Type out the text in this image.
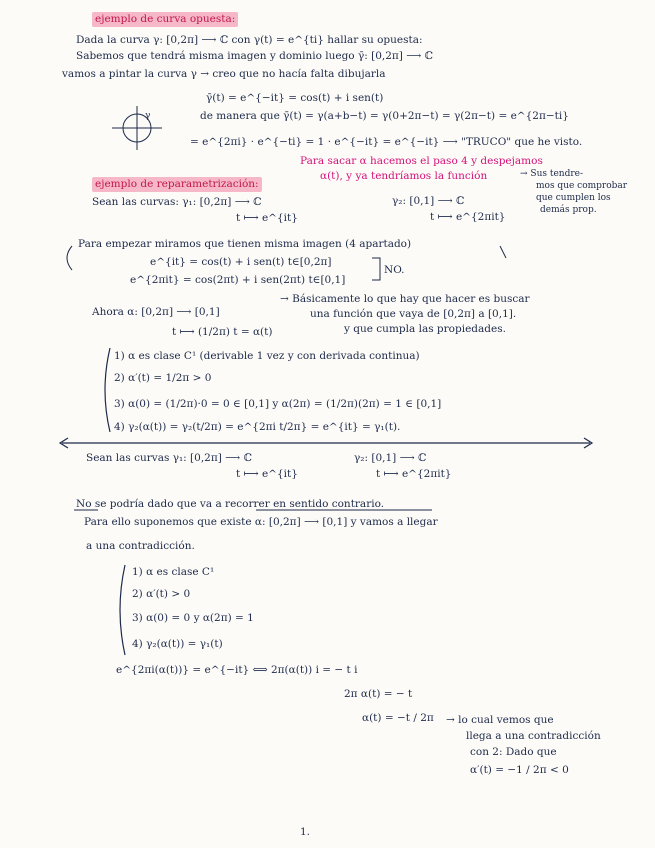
ejemplo de curva opuesta:
Dada la curva γ: [0,2π] ⟶ ℂ con γ(t) = e^{ti} hallar su opuesta:
Sabemos que tendrá misma imagen y dominio luego γ̄: [0,2π] ⟶ ℂ
vamos a pintar la curva γ → creo que no hacía falta dibujarla
γ
γ̄(t) = e^{−it} = cos(t) + i sen(t)
de manera que γ̄(t) = γ(a+b−t) = γ(0+2π−t) = γ(2π−t) = e^{2π−ti}
= e^{2πi} · e^{−ti} = 1 · e^{−it} = e^{−it} ⟶ "TRUCO" que he visto.
Para sacar α hacemos el paso 4 y despejamos
α(t), y ya tendríamos la función	→ Sus tendre-
mos que comprobar
que cumplen los
demás prop.
ejemplo de reparametrización:
Sean las curvas: γ₁: [0,2π] ⟶ ℂ
t ⟼ e^{it}
γ₂: [0,1] ⟶ ℂ
t ⟼ e^{2πit}
Para empezar miramos que tienen misma imagen (4 apartado)
e^{it} = cos(t) + i sen(t) t∈[0,2π]
e^{2πit} = cos(2πt) + i sen(2πt) t∈[0,1]
NO.
Ahora α: [0,2π] ⟶ [0,1]
t ⟼ (1/2π) t = α(t)
→ Básicamente lo que hay que hacer es buscar
una función que vaya de [0,2π] a [0,1].
y que cumpla las propiedades.
1) α es clase C¹ (derivable 1 vez y con derivada continua)
2) α′(t) = 1/2π > 0
3) α(0) = (1/2π)·0 = 0 ∈ [0,1] y α(2π) = (1/2π)(2π) = 1 ∈ [0,1]
4) γ₂(α(t)) = γ₂(t/2π) = e^{2πi t/2π} = e^{it} = γ₁(t).
Sean las curvas γ₁: [0,2π] ⟶ ℂ
t ⟼ e^{it}
γ₂: [0,1] ⟶ ℂ
t ⟼ e^{2πit}
No se podría dado que va a recorrer en sentido contrario.
Para ello suponemos que existe α: [0,2π] ⟶ [0,1] y vamos a llegar
a una contradicción.
1) α es clase C¹
2) α′(t) > 0
3) α(0) = 0 y α(2π) = 1
4) γ₂(α(t)) = γ₁(t)
e^{2πi(α(t))} = e^{−it} ⟺ 2π(α(t)) i = − t i
2π α(t) = − t
α(t) = −t / 2π
α′(t) = −1 / 2π < 0
→ lo cual vemos que
llega a una contradicción
con 2: Dado que
1.
